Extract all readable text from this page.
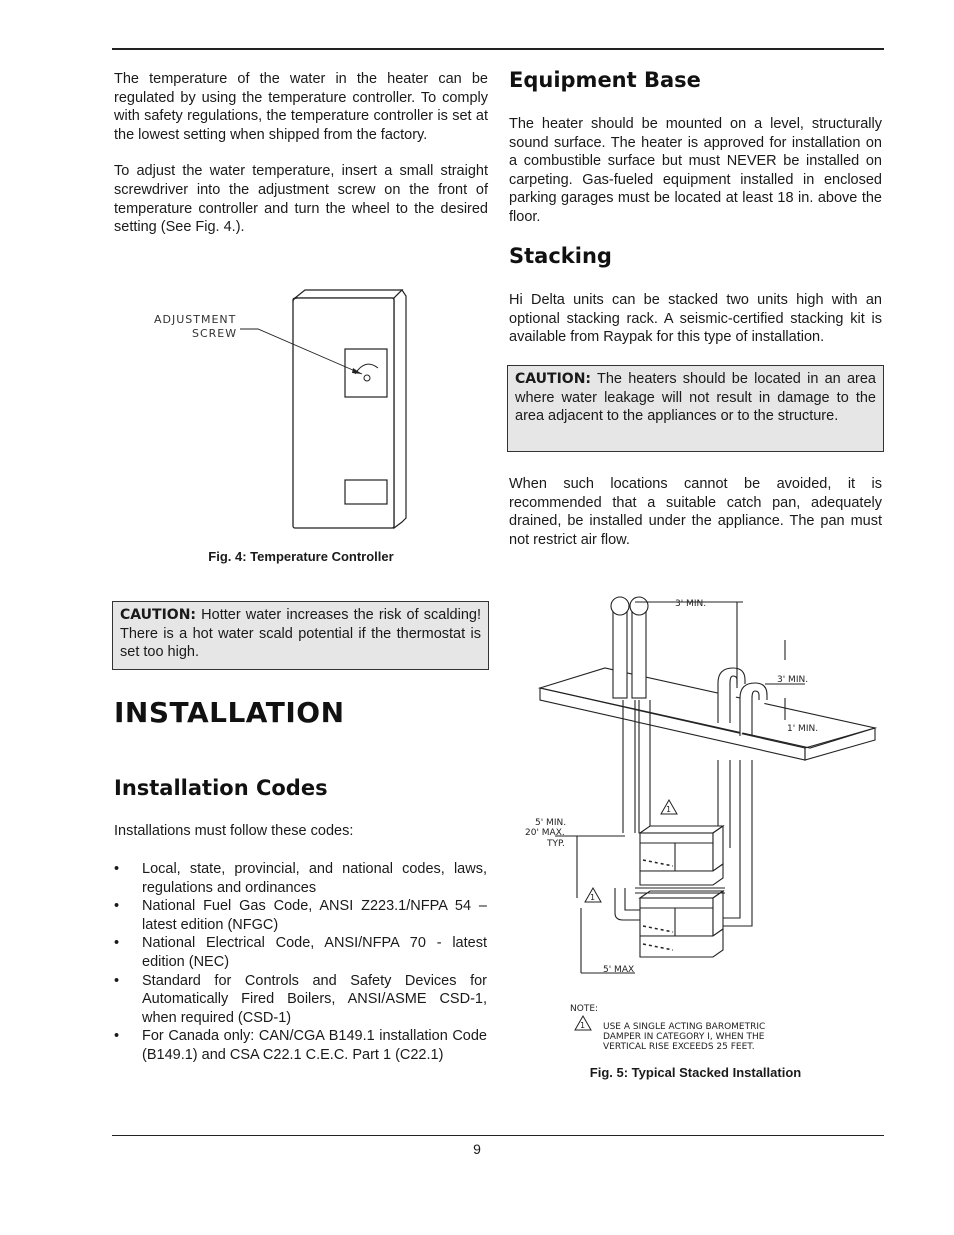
The temperature of the water in the heater can be regulated by using the temperature controller. To comply with safety regulations, the temperature controller is set at the lowest setting when shipped from the factory.

To adjust the water temperature, insert a small straight screwdriver into the adjustment screw on the front of temperature controller and turn the wheel to the desired setting (See Fig. 4.).

ADJUSTMENT
SCREW
Fig. 4: Temperature Controller
CAUTION: Hotter water increases the risk of scalding! There is a hot water scald potential if the thermostat is set too high.
INSTALLATION
Installation Codes

Installations must follow these codes:

• Local, state, provincial, and national codes, laws, regulations and ordinances
• National Fuel Gas Code, ANSI Z223.1/NFPA 54 – latest edition (NFGC)
• National Electrical Code, ANSI/NFPA 70 - latest edition (NEC)
• Standard for Controls and Safety Devices for Automatically Fired Boilers, ANSI/ASME CSD-1, when required (CSD-1)
• For Canada only: CAN/CGA B149.1 installation Code (B149.1) and CSA C22.1 C.E.C. Part 1 (C22.1)
Equipment Base

The heater should be mounted on a level, structurally sound surface. The heater is approved for installation on a combustible surface but must NEVER be installed on carpeting. Gas-fueled equipment installed in enclosed parking garages must be located at least 18 in. above the floor.

Stacking

Hi Delta units can be stacked two units high with an optional stacking rack. A seismic-certified stacking kit is available from Raypak for this type of installation.

CAUTION: The heaters should be located in an area where water leakage will not result in damage to the area adjacent to the appliances or to the structure.

When such locations cannot be avoided, it is recommended that a suitable catch pan, adequately drained, be installed under the appliance. The pan must not restrict air flow.

1
1
1
3' MIN.
3' MIN.
1' MIN.
5' MIN.
20' MAX.
TYP.
5' MAX
NOTE:
USE A SINGLE ACTING BAROMETRIC
DAMPER IN CATEGORY I, WHEN THE
VERTICAL RISE EXCEEDS 25 FEET.
Fig. 5: Typical Stacked Installation
9
